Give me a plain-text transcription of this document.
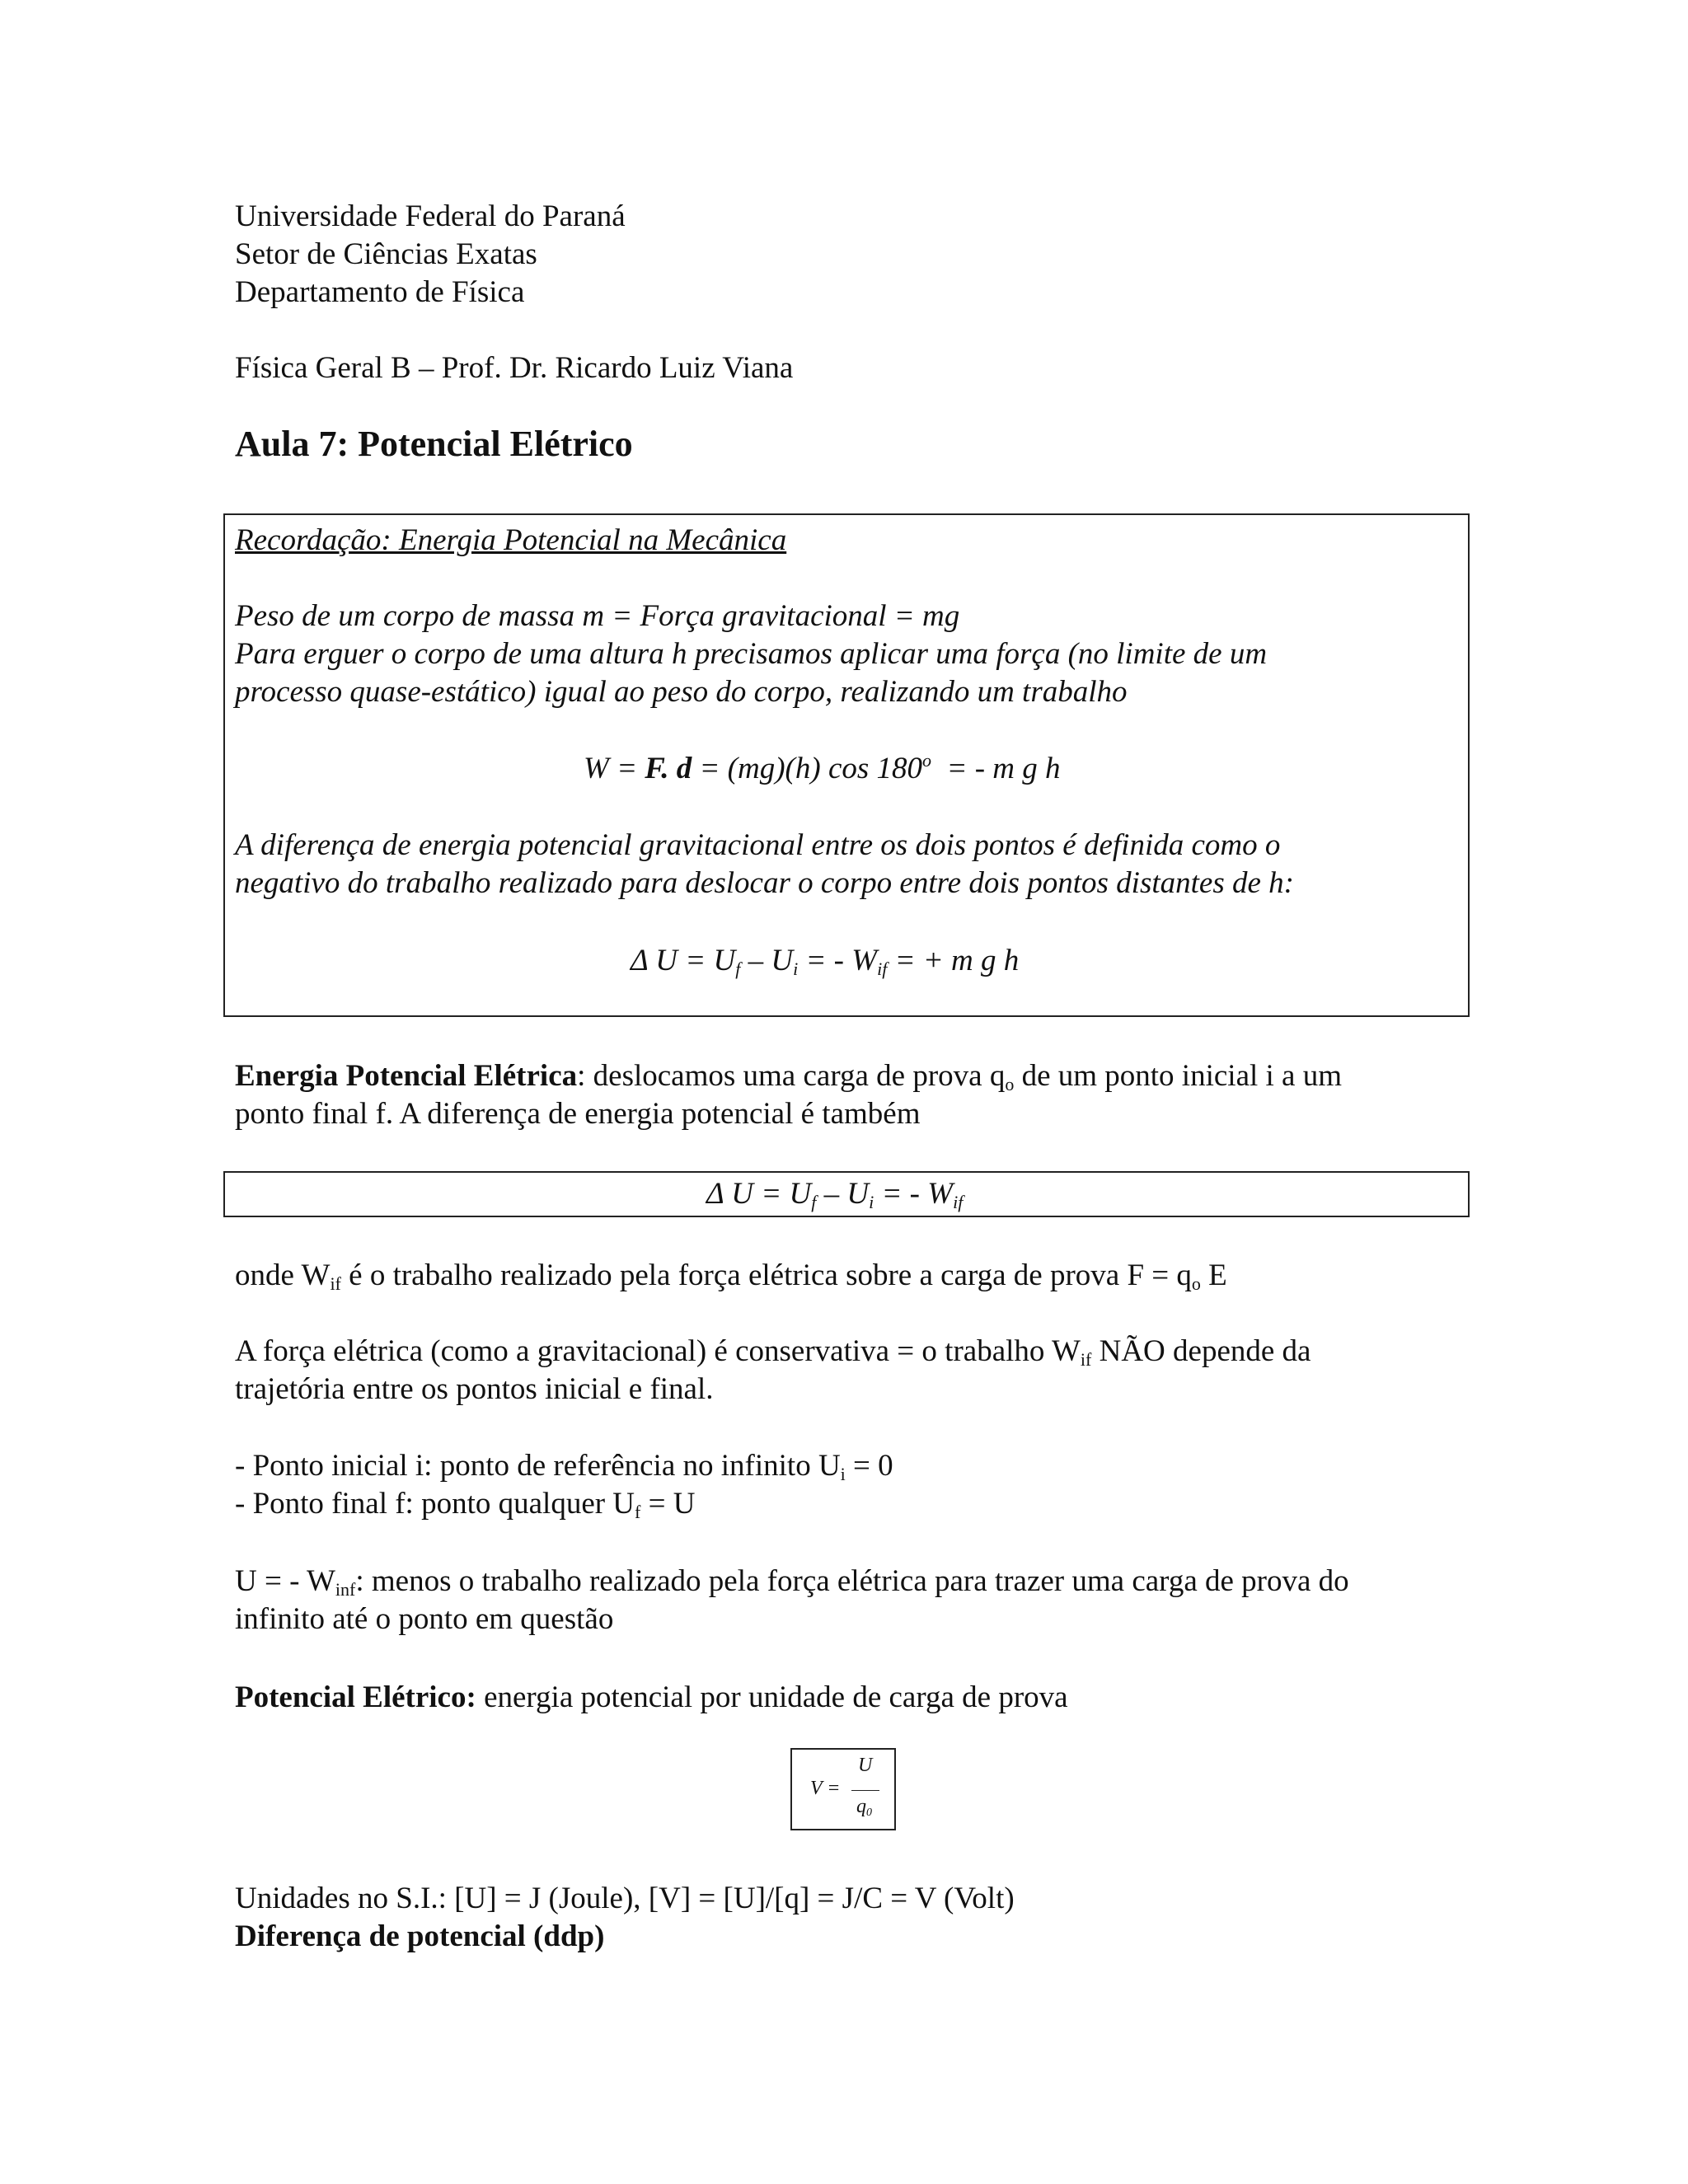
Universidade Federal do Paraná
Setor de Ciências Exatas
Departamento de Física
Física Geral B – Prof. Dr. Ricardo Luiz Viana
Aula 7: Potencial Elétrico
Recordação: Energia Potencial na Mecânica
Peso de um corpo de massa m = Força gravitacional = mg
Para erguer o corpo de uma altura h precisamos aplicar uma força (no limite de um
processo quase-estático) igual ao peso do corpo, realizando um trabalho
W = F. d = (mg)(h) cos 180$^o$  = - m g h
A diferença de energia potencial gravitacional entre os dois pontos é definida como o
negativo do trabalho realizado para deslocar o corpo entre dois pontos distantes de h:
Δ $U = U_f - U_i$ = - $W_{if}$ = + m g h
Energia Potencial Elétrica: deslocamos uma carga de prova $q_o$ de um ponto inicial i a um
ponto final f. A diferença de energia potencial é também
Δ $U = U_f - U_i$ = - $W_{if}$
onde $W_{if}$ é o trabalho realizado pela força elétrica sobre a carga de prova $F = q_o$ E
A força elétrica (como a gravitacional) é conservativa = o trabalho $W_{if}$ NÃO depende da
trajetória entre os pontos inicial e final.
- Ponto inicial i: ponto de referência no infinito $U_i = 0$
- Ponto final f: ponto qualquer $U_f = U$
U = - $W_{inf}$: menos o trabalho realizado pela força elétrica para trazer uma carga de prova do
infinito até o ponto em questão
Potencial Elétrico: energia potencial por unidade de carga de prova
V =
U
$q_0$
Unidades no S.I.: [U] = J (Joule), [V] = [U]/[q] = J/C = V (Volt)
Diferença de potencial (ddp)
